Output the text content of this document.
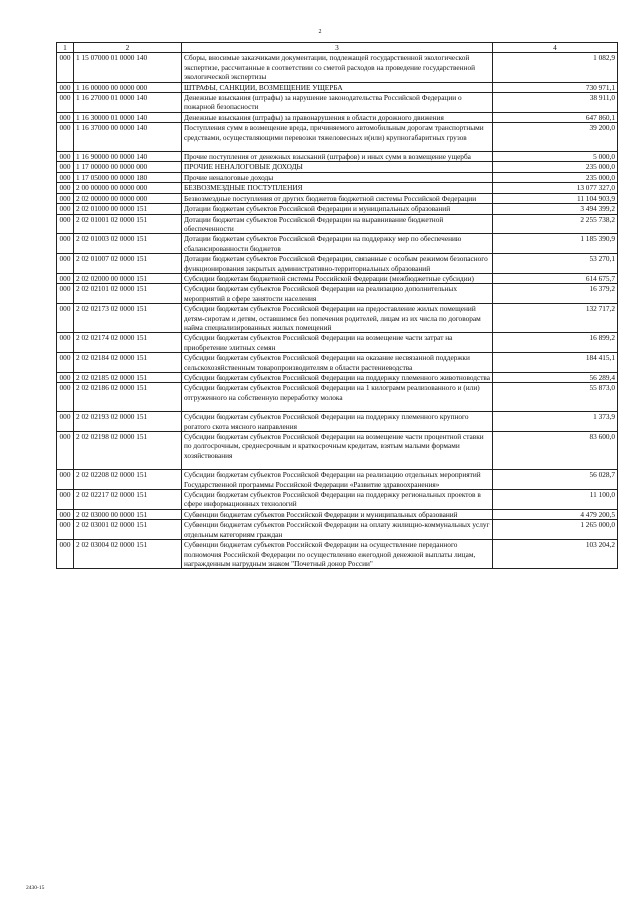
2
1	2	3	4
000	1 15 07000 01 0000 140	Сборы, вносимые заказчиками документации, подлежащей государственной экологической экспертизе, рассчитанные в соответствии со сметой расходов на проведение государственной экологической экспертизы	1 082,9
000	1 16 00000 00 0000 000	ШТРАФЫ, САНКЦИИ, ВОЗМЕЩЕНИЕ УЩЕРБА	730 971,1
000	1 16 27000 01 0000 140	Денежные взыскания (штрафы) за нарушение законодательства Российской Федерации о пожарной безопасности	38 911,0
000	1 16 30000 01 0000 140	Денежные взыскания (штрафы) за правонарушения в области дорожного движения	647 860,1
000	1 16 37000 00 0000 140	Поступления сумм в возмещение вреда, причиняемого автомобильным дорогам транспортными средствами, осуществляющими перевозки тяжеловесных и(или) крупногабаритных грузов	39 200,0
000	1 16 90000 00 0000 140	Прочие поступления от денежных взысканий (штрафов) и иных сумм в возмещение ущерба	5 000,0
000	1 17 00000 00 0000 000	ПРОЧИЕ НЕНАЛОГОВЫЕ ДОХОДЫ	235 000,0
000	1 17 05000 00 0000 180	Прочие неналоговые доходы	235 000,0
000	2 00 00000 00 0000 000	БЕЗВОЗМЕЗДНЫЕ ПОСТУПЛЕНИЯ	13 077 327,0
000	2 02 00000 00 0000 000	Безвозмездные поступления от других бюджетов бюджетной системы Российской Федерации	11 104 903,9
000	2 02 01000 00 0000 151	Дотации бюджетам субъектов Российской Федерации и муниципальных образований	3 494 399,2
000	2 02 01001 02 0000 151	Дотации бюджетам субъектов Российской Федерации на выравнивание бюджетной обеспеченности	2 255 738,2
000	2 02 01003 02 0000 151	Дотации бюджетам субъектов Российской Федерации на поддержку мер по обеспечению сбалансированности бюджетов	1 185 390,9
000	2 02 01007 02 0000 151	Дотации бюджетам субъектов Российской Федерации, связанные с особым режимом безопасного функционирования закрытых административно-территориальных образований	53 270,1
000	2 02 02000 00 0000 151	Субсидии бюджетам бюджетной системы Российской Федерации (межбюджетные субсидии)	614 675,7
000	2 02 02101 02 0000 151	Субсидии бюджетам субъектов Российской Федерации на реализацию дополнительных мероприятий в сфере занятости населения	16 379,2
000	2 02 02173 02 0000 151	Субсидии бюджетам субъектов Российской Федерации на предоставление жилых помещений детям-сиротам и детям, оставшимся без попечения родителей, лицам из их числа по договорам найма специализированных жилых помещений	132 717,2
000	2 02 02174 02 0000 151	Субсидии бюджетам субъектов Российской Федерации на возмещение части затрат на приобретение элитных семян	16 899,2
000	2 02 02184 02 0000 151	Субсидии бюджетам субъектов Российской Федерации на оказание несвязанной поддержки сельскохозяйственным товаропроизводителям в области растениеводства	184 415,1
000	2 02 02185 02 0000 151	Субсидии бюджетам субъектов Российской Федерации на поддержку племенного животноводства	56 289,4
000	2 02 02186 02 0000 151	Субсидии бюджетам субъектов Российской Федерации на 1 килограмм реализованного и (или) отгруженного на собственную переработку молока	55 873,0
000	2 02 02193 02 0000 151	Субсидии бюджетам субъектов Российской Федерации на поддержку племенного крупного рогатого скота мясного направления	1 373,9
000	2 02 02198 02 0000 151	Субсидии бюджетам субъектов Российской Федерации на возмещение части процентной ставки по долгосрочным, среднесрочным и краткосрочным кредитам, взятым малыми формами хозяйствования	83 600,0
000	2 02 02208 02 0000 151	Субсидии бюджетам субъектов Российской Федерации на реализацию отдельных мероприятий Государственной программы Российской Федерации «Развитие здравоохранения»	56 028,7
000	2 02 02217 02 0000 151	Субсидии бюджетам субъектов Российской Федерации на поддержку региональных проектов в сфере информационных технологий	11 100,0
000	2 02 03000 00 0000 151	Субвенции бюджетам субъектов Российской Федерации и муниципальных образований	4 479 200,5
000	2 02 03001 02 0000 151	Субвенции бюджетам субъектов Российской Федерации на оплату жилищно-коммунальных услуг отдельным категориям граждан	1 265 000,0
000	2 02 03004 02 0000 151	Субвенции бюджетам субъектов Российской Федерации на осуществление переданного полномочия Российской Федерации по осуществлению ежегодной денежной выплаты лицам, награжденным нагрудным знаком "Почетный донор России"	103 204,2
2430-15
